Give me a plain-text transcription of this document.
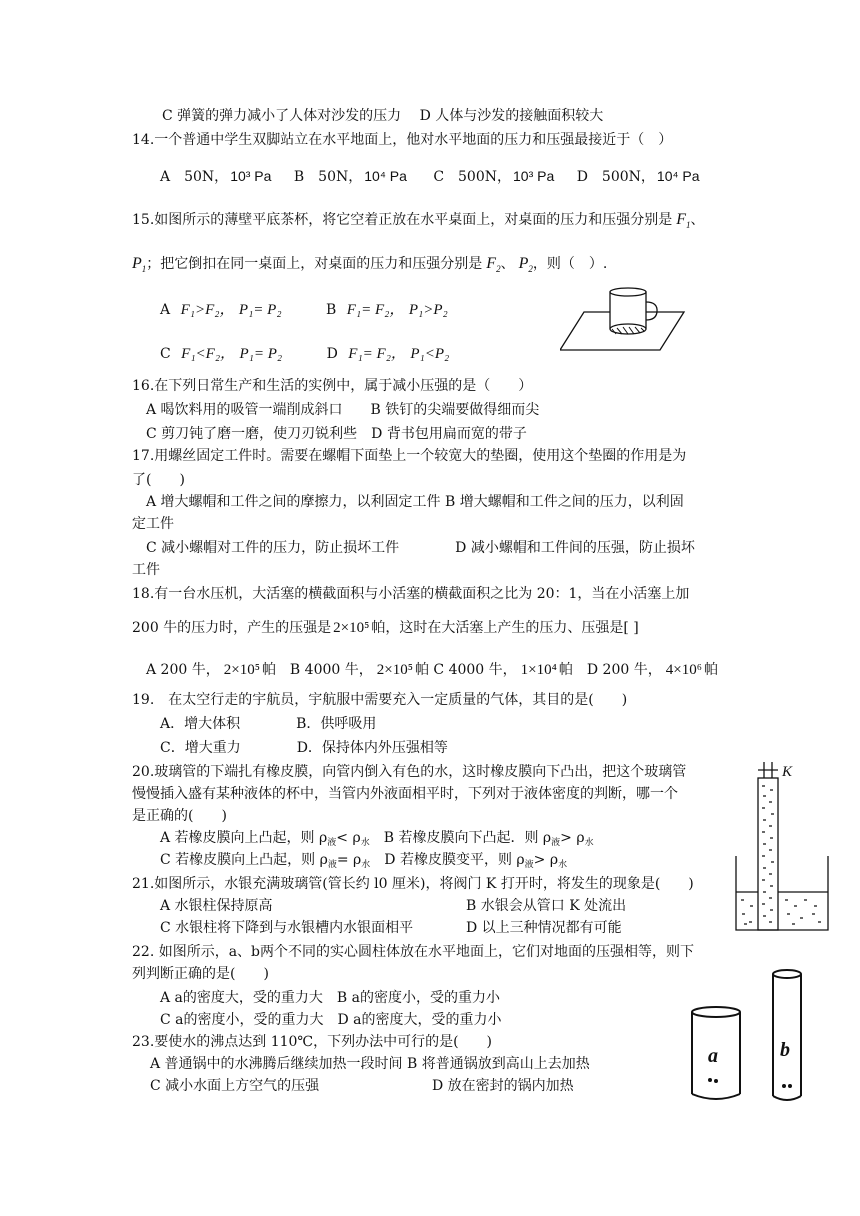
C 弹簧的弹力减小了人体对沙发的压力　 D 人体与沙发的接触面积较大
14.一个普通中学生双脚站立在水平地面上，他对水平地面的压力和压强最接近于（　）
A　50N， 10³ Pa B　50N， 10⁴ Pa C　500N， 10³ Pa D　500N， 10⁴ Pa
15.如图所示的薄壁平底茶杯，将它空着正放在水平桌面上，对桌面的压力和压强分别是 $F_1$、
$P_1$；把它倒扣在同一桌面上，对桌面的压力和压强分别是 $F_2$、 $P_2$，则（　）.
A F₁>F₂， P₁= P₂	B F₁= F₂， P₁>P₂
C F₁<F₂， P₁= P₂	D F₁= F₂， P₁<P₂
16.在下列日常生产和生活的实例中，属于减小压强的是（　　）
A 喝饮料用的吸管一端削成斜口　　B 铁钉的尖端要做得细而尖
C 剪刀钝了磨一磨，使刀刃锐利些　D 背书包用扁而宽的带子
17.用螺丝固定工件时。需要在螺帽下面垫上一个较宽大的垫圈，使用这个垫圈的作用是为
了(　　)
A 增大螺帽和工件之间的摩擦力，以利固定工件 B 增大螺帽和工件之间的压力，以利固
定工件
C 减小螺帽对工件的压力，防止损坏工件　　　　D 减小螺帽和工件间的压强，防止损坏
工件
18.有一台水压机，大活塞的横截面积与小活塞的横截面积之比为 20：1，当在小活塞上加
200 牛的压力时，产生的压强是 2×10⁵ 帕，这时在大活塞上产生的压力、压强是[ ]
A 200 牛， 2×10⁵ 帕　B 4000 牛， 2×10⁵ 帕 C 4000 牛， 1×10⁴ 帕　D 200 牛， 4×10⁶ 帕
19.　在太空行走的宇航员，宇航服中需要充入一定质量的气体，其目的是(　　)
A．增大体积　　　　B．供呼吸用
C．增大重力　　　　D．保持体内外压强相等
20.玻璃管的下端扎有橡皮膜，向管内倒入有色的水，这时橡皮膜向下凸出，把这个玻璃管
慢慢插入盛有某种液体的杯中，当管内外液面相平时，下列对于液体密度的判断，哪一个
是正确的(　　)
A 若橡皮膜向上凸起，则 $\rho_液< \rho_水$　B 若橡皮膜向下凸起．则 $\rho_液> \rho_水$
C 若橡皮膜向上凸起，则 $\rho_液= \rho_水$　D 若橡皮膜变平，则 $\rho_液> \rho_水$
21.如图所示，水银充满玻璃管(管长约 l0 厘米)，将阀门 K 打开时，将发生的现象是(　　)
A 水银柱保持原高	B 水银会从管口 K 处流出
C 水银柱将下降到与水银槽内水银面相平	D 以上三种情况都有可能
K
22. 如图所示，a、b两个不同的实心圆柱体放在水平地面上，它们对地面的压强相等，则下
列判断正确的是(　　)
A a的密度大，受的重力大　B a的密度小，受的重力小
C a的密度小，受的重力大　D a的密度大，受的重力小
23.要使水的沸点达到 110℃，下列办法中可行的是(　　)
A 普通锅中的水沸腾后继续加热一段时间 B 将普通锅放到高山上去加热
C 减小水面上方空气的压强	D 放在密封的锅内加热
a	b
